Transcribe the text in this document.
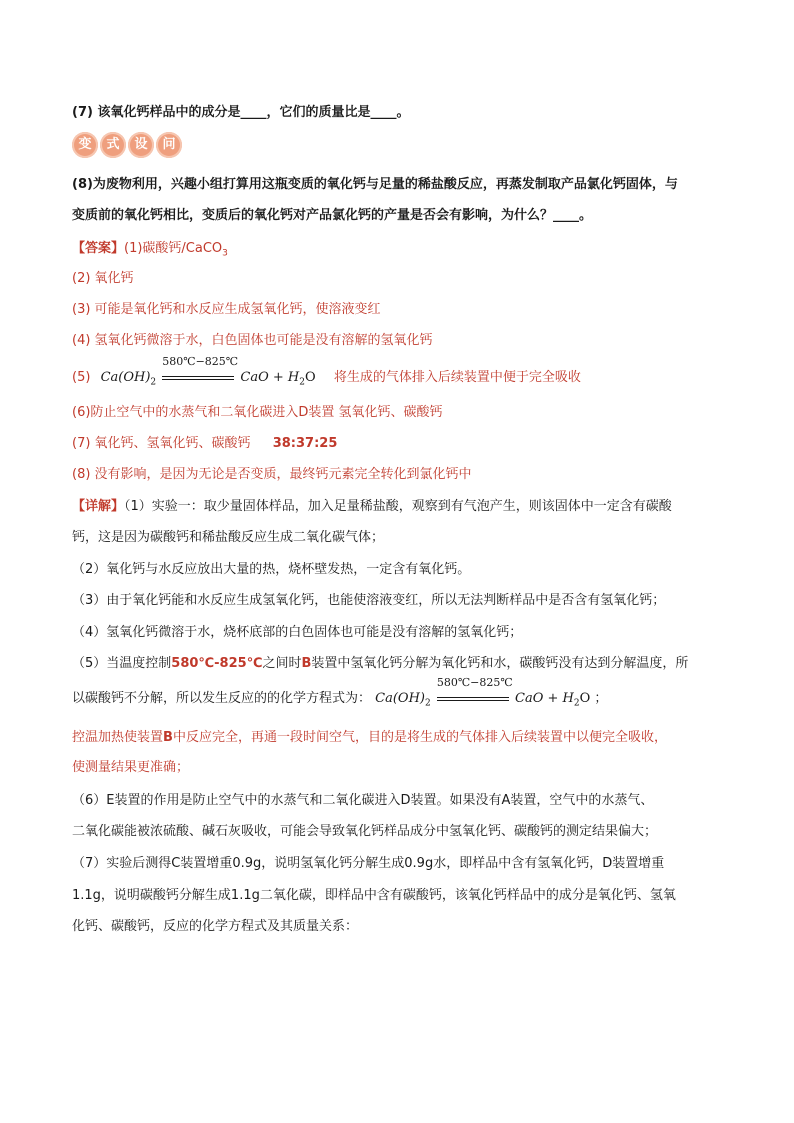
(7) 该氧化钙样品中的成分是____，它们的质量比是____。
变	式	设	问
(8)为废物利用，兴趣小组打算用这瓶变质的氧化钙与足量的稀盐酸反应，再蒸发制取产品氯化钙固体，与
变质前的氧化钙相比，变质后的氧化钙对产品氯化钙的产量是否会有影响，为什么？____。
【答案】(1)碳酸钙/CaCO$_3$
(2) 氧化钙
(3) 可能是氧化钙和水反应生成氢氧化钙，使溶液变红
(4) 氢氧化钙微溶于水，白色固体也可能是没有溶解的氢氧化钙
(5) $Ca(OH)_2$
580℃−825℃
CaO + $H_2O$ 将生成的气体排入后续装置中便于完全吸收
(6)防止空气中的水蒸气和二氧化碳进入D装置 氢氧化钙、碳酸钙
(7) 氧化钙、氢氧化钙、碳酸钙 38:37:25
(8) 没有影响，是因为无论是否变质，最终钙元素完全转化到氯化钙中
【详解】（1）实验一：取少量固体样品，加入足量稀盐酸，观察到有气泡产生，则该固体中一定含有碳酸
钙，这是因为碳酸钙和稀盐酸反应生成二氧化碳气体；
（2）氧化钙与水反应放出大量的热，烧杯壁发热，一定含有氧化钙。
（3）由于氧化钙能和水反应生成氢氧化钙，也能使溶液变红，所以无法判断样品中是否含有氢氧化钙；
（4）氢氧化钙微溶于水，烧杯底部的白色固体也可能是没有溶解的氢氧化钙；
（5）当温度控制580℃-825℃之间时B装置中氢氧化钙分解为氧化钙和水，碳酸钙没有达到分解温度，所
以碳酸钙不分解，所以发生反应的的化学方程式为： $Ca(OH)_2$
580℃−825℃
CaO + $H_2O$ ；
控温加热使装置B中反应完全，再通一段时间空气，目的是将生成的气体排入后续装置中以便完全吸收，
使测量结果更准确；
（6）E装置的作用是防止空气中的水蒸气和二氧化碳进入D装置。如果没有A装置，空气中的水蒸气、
二氧化碳能被浓硫酸、碱石灰吸收，可能会导致氧化钙样品成分中氢氧化钙、碳酸钙的测定结果偏大；
（7）实验后测得C装置增重0.9g，说明氢氧化钙分解生成0.9g水，即样品中含有氢氧化钙，D装置增重
1.1g，说明碳酸钙分解生成1.1g二氧化碳，即样品中含有碳酸钙，该氧化钙样品中的成分是氧化钙、氢氧
化钙、碳酸钙，反应的化学方程式及其质量关系：
